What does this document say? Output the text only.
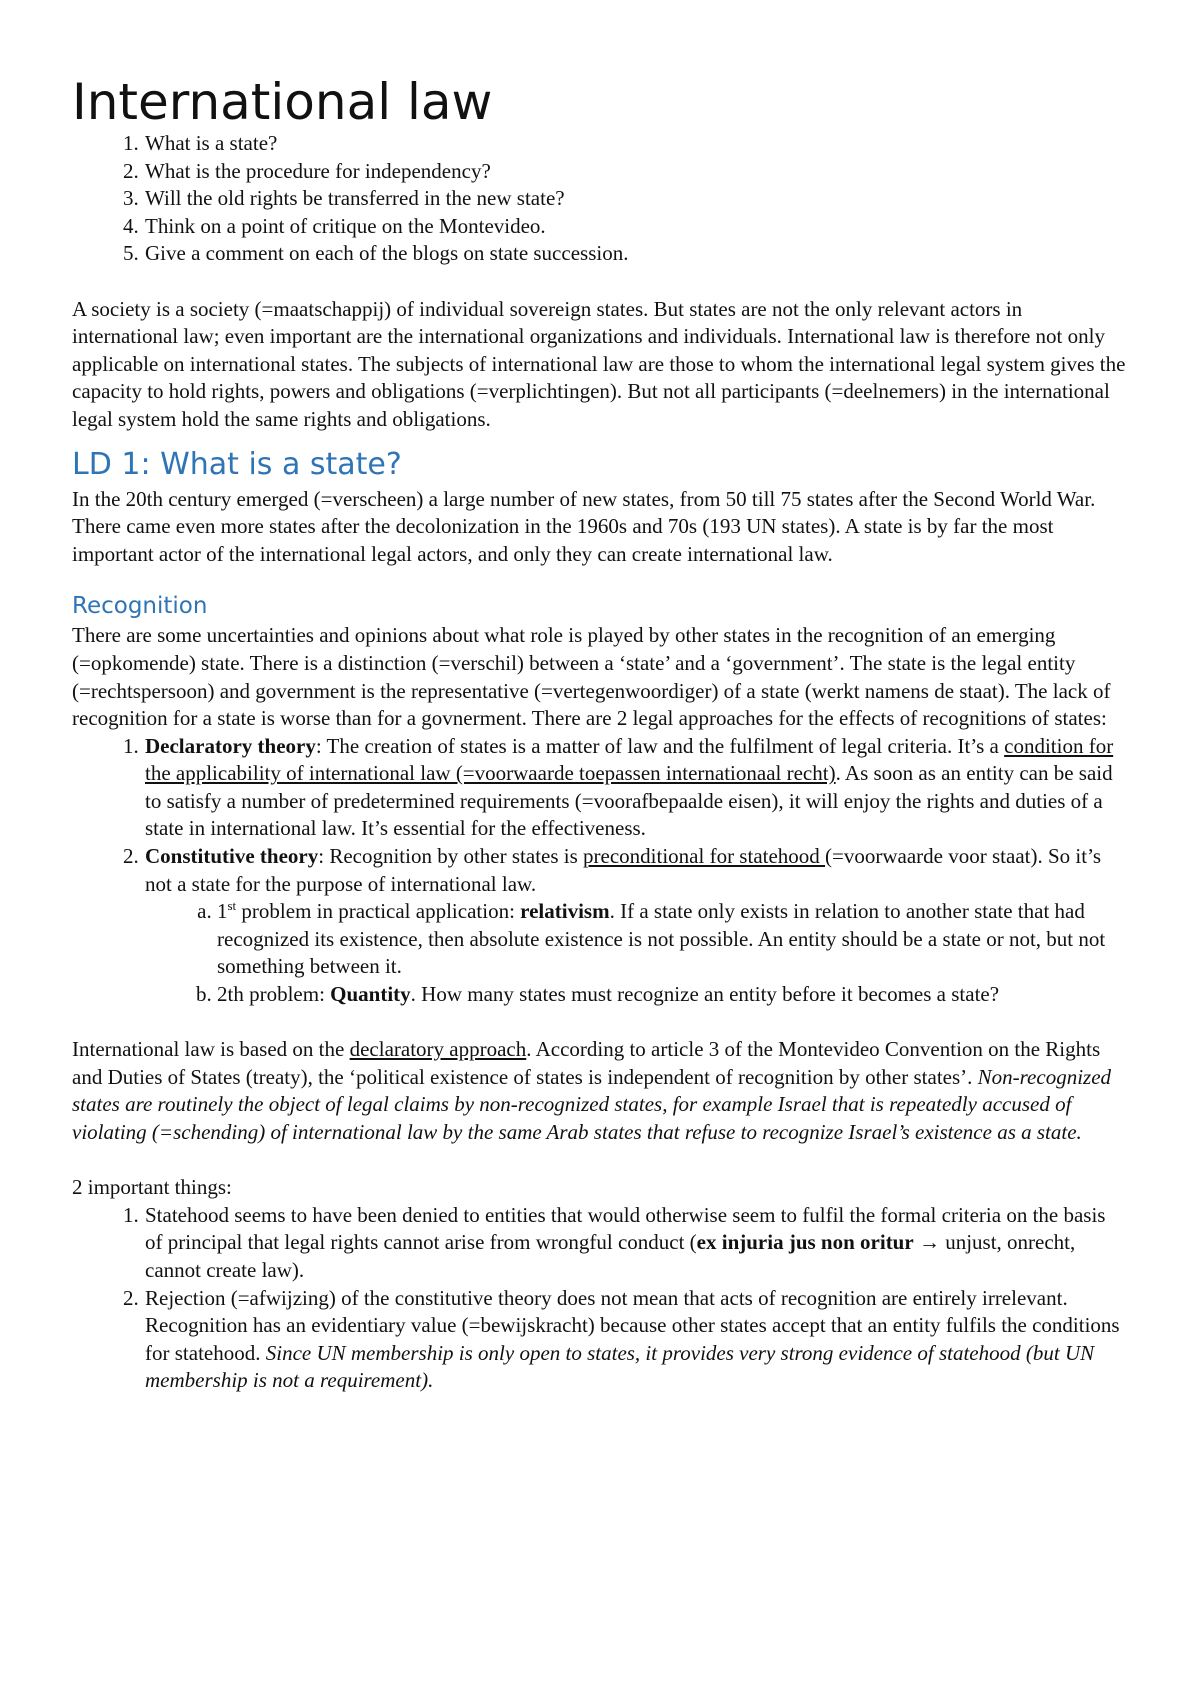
International law
1. What is a state?
2. What is the procedure for independency?
3. Will the old rights be transferred in the new state?
4. Think on a point of critique on the Montevideo.
5. Give a comment on each of the blogs on state succession.

A society is a society (=maatschappij) of individual sovereign states. But states are not the only relevant actors in international law; even important are the international organizations and individuals. International law is therefore not only applicable on international states. The subjects of international law are those to whom the international legal system gives the capacity to hold rights, powers and obligations (=verplichtingen). But not all participants (=deelnemers) in the international legal system hold the same rights and obligations.

LD 1: What is a state?

In the 20th century emerged (=verscheen) a large number of new states, from 50 till 75 states after the Second World War. There came even more states after the decolonization in the 1960s and 70s (193 UN states). A state is by far the most important actor of the international legal actors, and only they can create international law.

Recognition

There are some uncertainties and opinions about what role is played by other states in the recognition of an emerging (=opkomende) state. There is a distinction (=verschil) between a ‘state’ and a ‘government’. The state is the legal entity (=rechtspersoon) and government is the representative (=vertegenwoordiger) of a state (werkt namens de staat). The lack of recognition for a state is worse than for a govnerment. There are 2 legal approaches for the effects of recognitions of states:

1. Declaratory theory: The creation of states is a matter of law and the fulfilment of legal criteria. It’s a condition for the applicability of international law (=voorwaarde toepassen internationaal recht). As soon as an entity can be said to satisfy a number of predetermined requirements (=voorafbepaalde eisen), it will enjoy the rights and duties of a state in international law. It’s essential for the effectiveness.
2. Constitutive theory: Recognition by other states is preconditional for statehood (=voorwaarde voor staat). So it’s not a state for the purpose of international law.
a. 1st problem in practical application: relativism. If a state only exists in relation to another state that had recognized its existence, then absolute existence is not possible. An entity should be a state or not, but not something between it.
b. 2th problem: Quantity. How many states must recognize an entity before it becomes a state?

International law is based on the declaratory approach. According to article 3 of the Montevideo Convention on the Rights and Duties of States (treaty), the ‘political existence of states is independent of recognition by other states’. Non-recognized states are routinely the object of legal claims by non-recognized states, for example Israel that is repeatedly accused of violating (=schending) of international law by the same Arab states that refuse to recognize Israel’s existence as a state.

2 important things:

1. Statehood seems to have been denied to entities that would otherwise seem to fulfil the formal criteria on the basis of principal that legal rights cannot arise from wrongful conduct (ex injuria jus non oritur → unjust, onrecht, cannot create law).
2. Rejection (=afwijzing) of the constitutive theory does not mean that acts of recognition are entirely irrelevant. Recognition has an evidentiary value (=bewijskracht) because other states accept that an entity fulfils the conditions for statehood. Since UN membership is only open to states, it provides very strong evidence of statehood (but UN membership is not a requirement).
